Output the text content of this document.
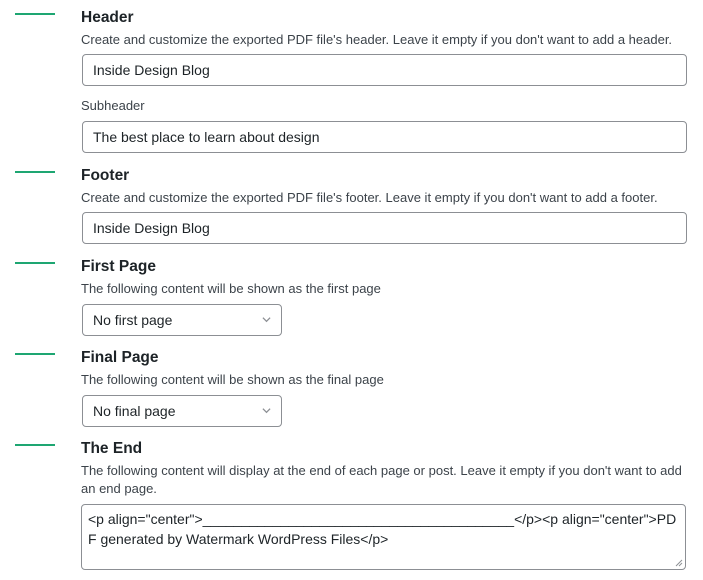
Header
Create and customize the exported PDF file's header. Leave it empty if you don't want to add a header.
Inside Design Blog
Subheader
The best place to learn about design
Footer
Create and customize the exported PDF file's footer. Leave it empty if you don't want to add a footer.
Inside Design Blog
First Page
The following content will be shown as the first page
No first page
Final Page
The following content will be shown as the final page
No final page
The End
The following content will display at the end of each page or post. Leave it empty if you don't want to add an end page.
<p align="center">________________________________________</p><p align="center">PDF generated by Watermark WordPress Files</p>
